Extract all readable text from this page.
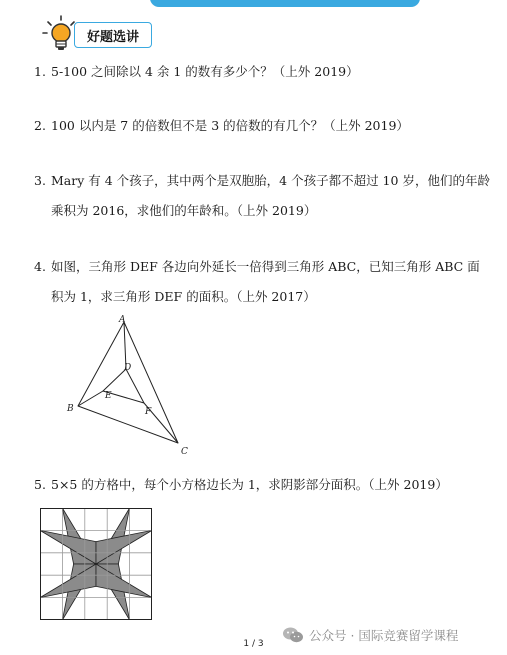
好题选讲
1. 5-100 之间除以 4 余 1 的数有多少个？（上外 2019）
2. 100 以内是 7 的倍数但不是 3 的倍数的有几个？（上外 2019）
3. Mary 有 4 个孩子，其中两个是双胞胎，4 个孩子都不超过 10 岁，他们的年龄
乘积为 2016，求他们的年龄和。（上外 2019）
4. 如图，三角形 DEF 各边向外延长一倍得到三角形 ABC，已知三角形 ABC 面
积为 1，求三角形 DEF 的面积。（上外 2017）
A
B
C
D
E
F
5. 5×5 的方格中，每个小方格边长为 1，求阴影部分面积。（上外 2019）
公众号 · 国际竞赛留学课程
1 / 3
